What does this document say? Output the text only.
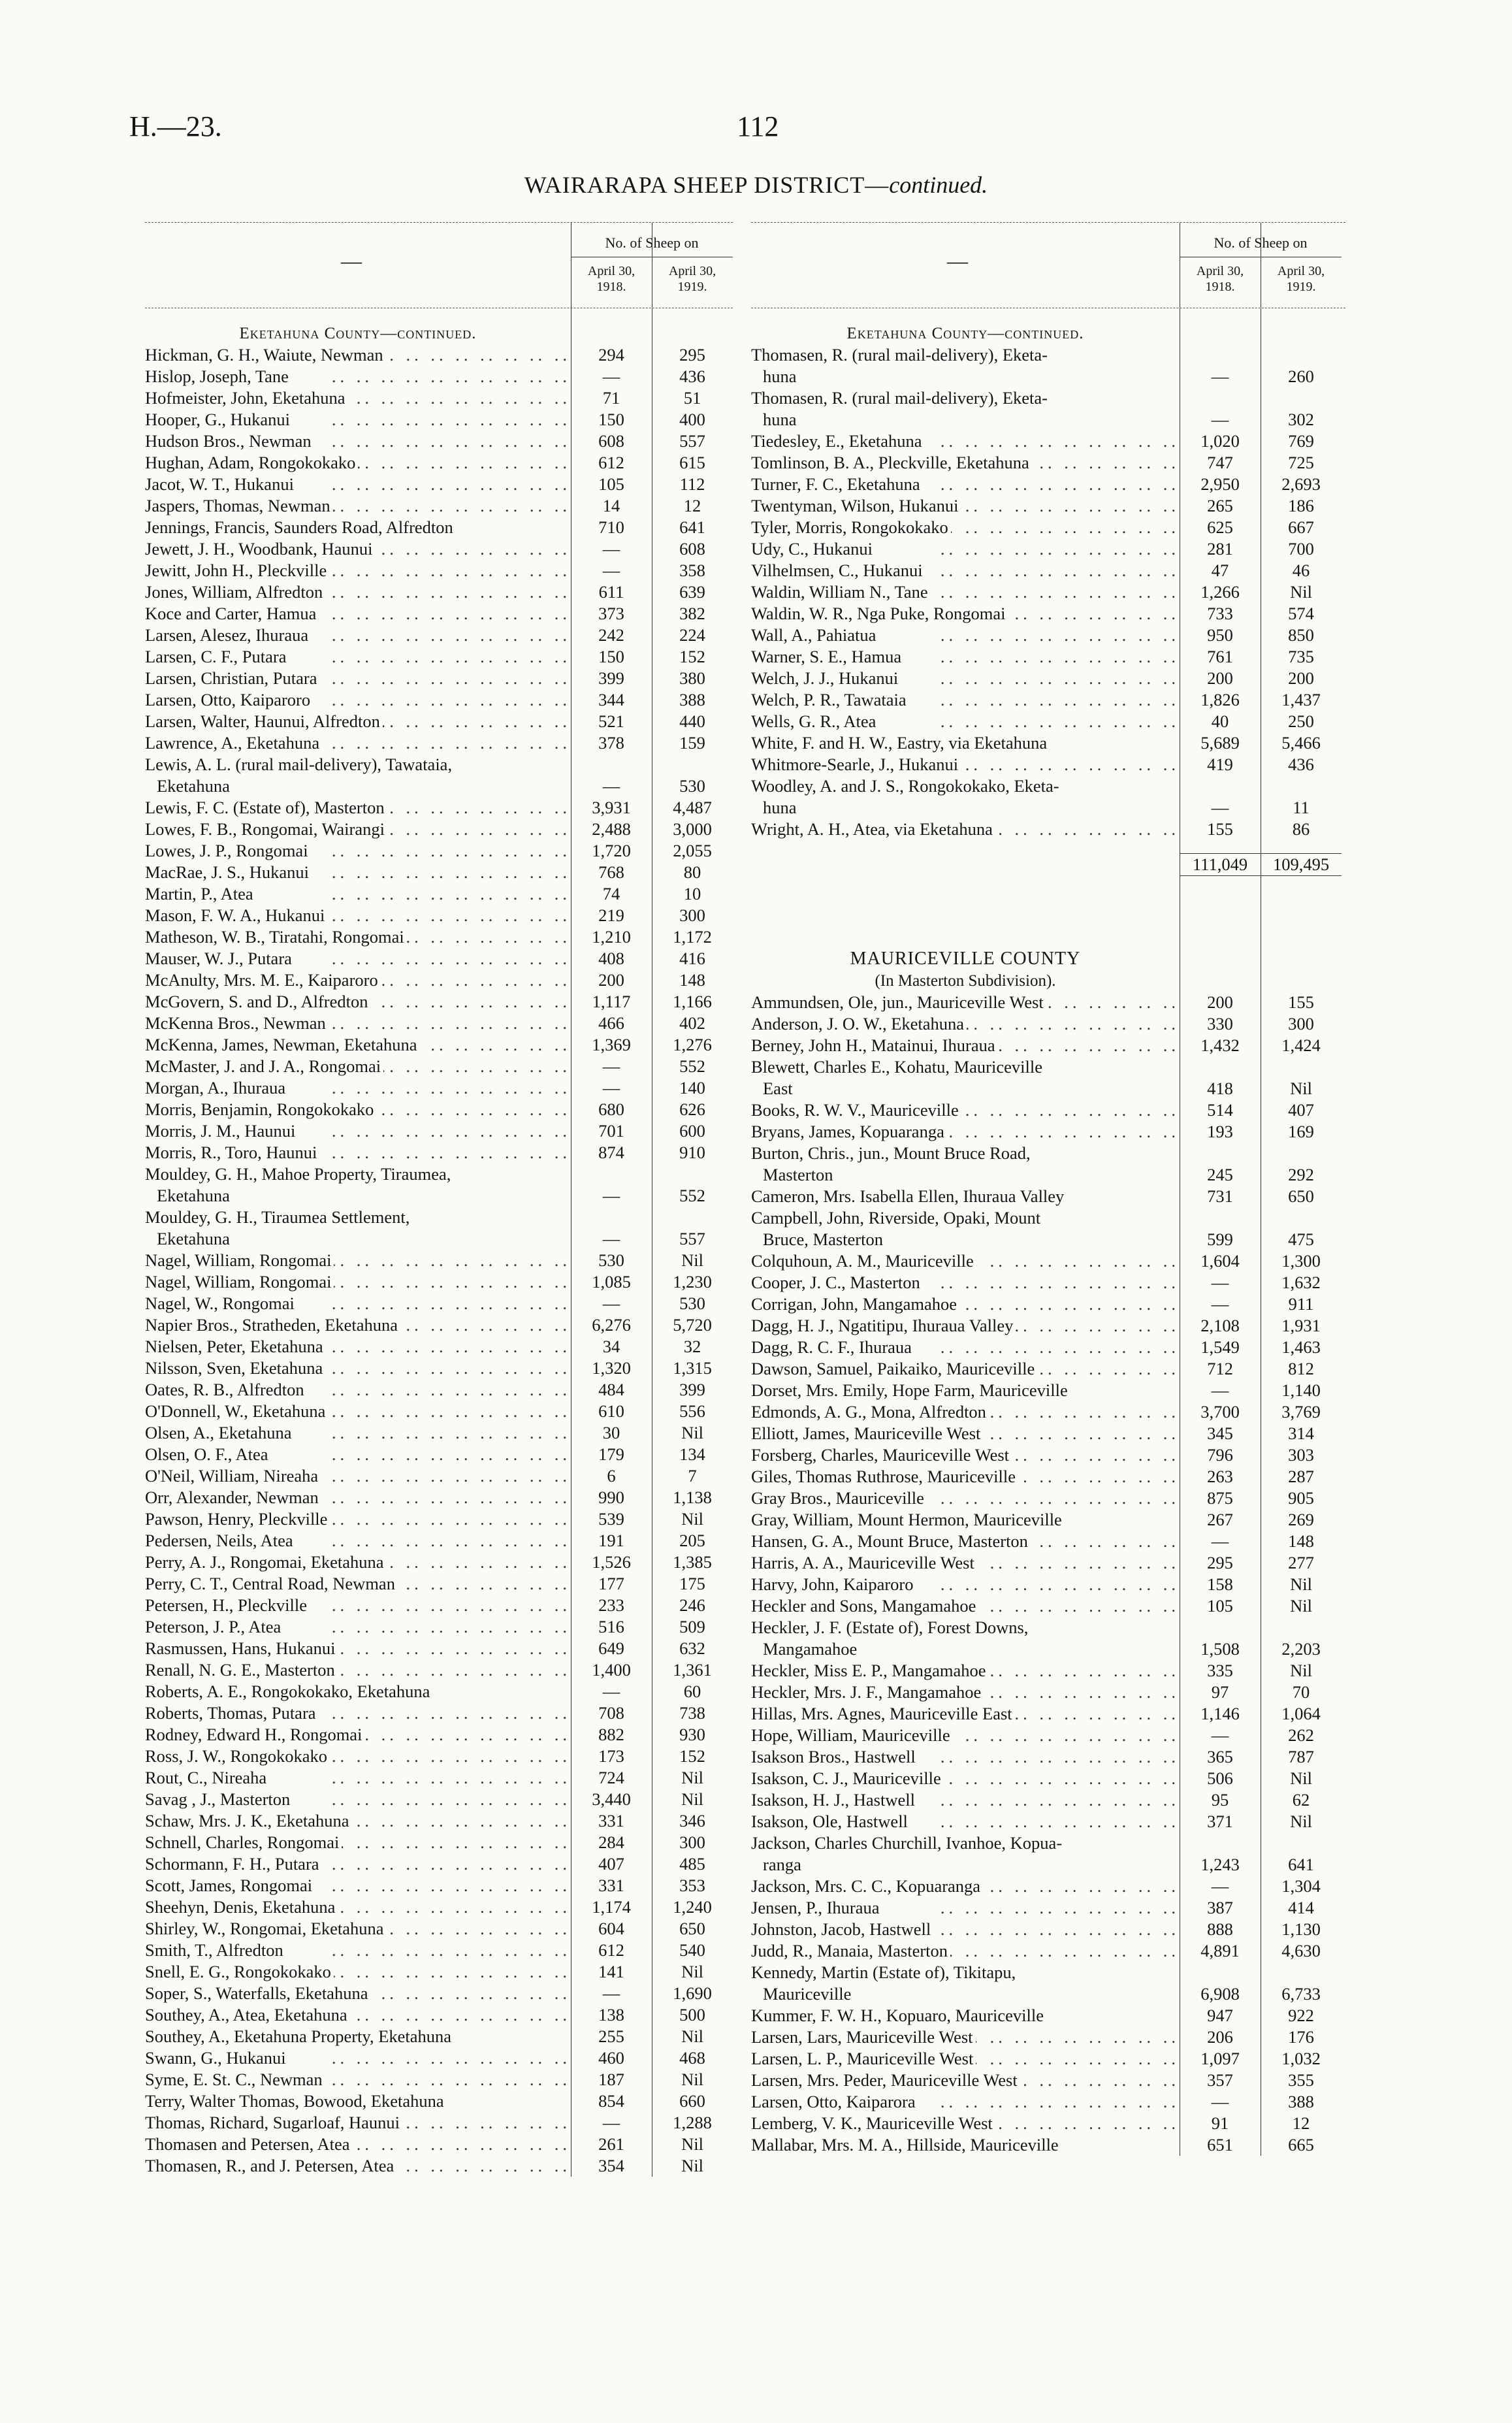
H.—23.	112
WAIRARAPA SHEEP DISTRICT—continued.
—
No. of Sheep on
April 30,
1918.
April 30,
1919.
Eketahuna County—continued.
Hickman, G. H., Waiute, Newman ..	294	295
Hislop, Joseph, Tane ..	—	436
Hofmeister, John, Eketahuna ..	71	51
Hooper, G., Hukanui ..	150	400
Hudson Bros., Newman ..	608	557
Hughan, Adam, Rongokokako ..	612	615
Jacot, W. T., Hukanui ..	105	112
Jaspers, Thomas, Newman ..	14	12
Jennings, Francis, Saunders Road, Alfredton	710	641
Jewett, J. H., Woodbank, Haunui ..	—	608
Jewitt, John H., Pleckville ..	—	358
Jones, William, Alfredton ..	611	639
Koce and Carter, Hamua ..	373	382
Larsen, Alesez, Ihuraua ..	242	224
Larsen, C. F., Putara ..	150	152
Larsen, Christian, Putara ..	399	380
Larsen, Otto, Kaiparoro ..	344	388
Larsen, Walter, Haunui, Alfredton ..	521	440
Lawrence, A., Eketahuna ..	378	159
Lewis, A. L. (rural mail-delivery), Tawataia,
Eketahuna	—	530
Lewis, F. C. (Estate of), Masterton ..	3,931	4,487
Lowes, F. B., Rongomai, Wairangi ..	2,488	3,000
Lowes, J. P., Rongomai ..	1,720	2,055
MacRae, J. S., Hukanui ..	768	80
Martin, P., Atea ..	74	10
Mason, F. W. A., Hukanui ..	219	300
Matheson, W. B., Tiratahi, Rongomai ..	1,210	1,172
Mauser, W. J., Putara ..	408	416
McAnulty, Mrs. M. E., Kaiparoro ..	200	148
McGovern, S. and D., Alfredton ..	1,117	1,166
McKenna Bros., Newman ..	466	402
McKenna, James, Newman, Eketahuna ..	1,369	1,276
McMaster, J. and J. A., Rongomai ..	—	552
Morgan, A., Ihuraua ..	—	140
Morris, Benjamin, Rongokokako ..	680	626
Morris, J. M., Haunui ..	701	600
Morris, R., Toro, Haunui ..	874	910
Mouldey, G. H., Mahoe Property, Tiraumea,
Eketahuna	—	552
Mouldey, G. H., Tiraumea Settlement,
Eketahuna	—	557
Nagel, William, Rongomai ..	530	Nil
Nagel, William, Rongomai ..	1,085	1,230
Nagel, W., Rongomai ..	—	530
Napier Bros., Stratheden, Eketahuna ..	6,276	5,720
Nielsen, Peter, Eketahuna ..	34	32
Nilsson, Sven, Eketahuna ..	1,320	1,315
Oates, R. B., Alfredton ..	484	399
O'Donnell, W., Eketahuna ..	610	556
Olsen, A., Eketahuna ..	30	Nil
Olsen, O. F., Atea ..	179	134
O'Neil, William, Nireaha ..	6	7
Orr, Alexander, Newman ..	990	1,138
Pawson, Henry, Pleckville ..	539	Nil
Pedersen, Neils, Atea ..	191	205
Perry, A. J., Rongomai, Eketahuna ..	1,526	1,385
Perry, C. T., Central Road, Newman ..	177	175
Petersen, H., Pleckville ..	233	246
Peterson, J. P., Atea ..	516	509
Rasmussen, Hans, Hukanui ..	649	632
Renall, N. G. E., Masterton ..	1,400	1,361
Roberts, A. E., Rongokokako, Eketahuna	—	60
Roberts, Thomas, Putara ..	708	738
Rodney, Edward H., Rongomai ..	882	930
Ross, J. W., Rongokokako ..	173	152
Rout, C., Nireaha ..	724	Nil
Savag , J., Masterton ..	3,440	Nil
Schaw, Mrs. J. K., Eketahuna ..	331	346
Schnell, Charles, Rongomai ..	284	300
Schormann, F. H., Putara ..	407	485
Scott, James, Rongomai ..	331	353
Sheehyn, Denis, Eketahuna ..	1,174	1,240
Shirley, W., Rongomai, Eketahuna ..	604	650
Smith, T., Alfredton ..	612	540
Snell, E. G., Rongokokako ..	141	Nil
Soper, S., Waterfalls, Eketahuna ..	—	1,690
Southey, A., Atea, Eketahuna ..	138	500
Southey, A., Eketahuna Property, Eketahuna	255	Nil
Swann, G., Hukanui ..	460	468
Syme, E. St. C., Newman ..	187	Nil
Terry, Walter Thomas, Bowood, Eketahuna	854	660
Thomas, Richard, Sugarloaf, Haunui ..	—	1,288
Thomasen and Petersen, Atea ..	261	Nil
Thomasen, R., and J. Petersen, Atea ..	354	Nil
—
No. of Sheep on
April 30,
1918.
April 30,
1919.
Eketahuna County—continued.
Thomasen, R. (rural mail-delivery), Eketa-
huna	—	260
Thomasen, R. (rural mail-delivery), Eketa-
huna	—	302
Tiedesley, E., Eketahuna ..	1,020	769
Tomlinson, B. A., Pleckville, Eketahuna ..	747	725
Turner, F. C., Eketahuna ..	2,950	2,693
Twentyman, Wilson, Hukanui ..	265	186
Tyler, Morris, Rongokokako ..	625	667
Udy, C., Hukanui ..	281	700
Vilhelmsen, C., Hukanui ..	47	46
Waldin, William N., Tane ..	1,266	Nil
Waldin, W. R., Nga Puke, Rongomai ..	733	574
Wall, A., Pahiatua ..	950	850
Warner, S. E., Hamua ..	761	735
Welch, J. J., Hukanui ..	200	200
Welch, P. R., Tawataia ..	1,826	1,437
Wells, G. R., Atea ..	40	250
White, F. and H. W., Eastry, via Eketahuna	5,689	5,466
Whitmore-Searle, J., Hukanui ..	419	436
Woodley, A. and J. S., Rongokokako, Eketa-
huna	—	11
Wright, A. H., Atea, via Eketahuna ..	155	86

111,049	109,495
MAURICEVILLE COUNTY
(In Masterton Subdivision).
Ammundsen, Ole, jun., Mauriceville West ..	200	155
Anderson, J. O. W., Eketahuna ..	330	300
Berney, John H., Matainui, Ihuraua ..	1,432	1,424
Blewett, Charles E., Kohatu, Mauriceville
East	418	Nil
Books, R. W. V., Mauriceville ..	514	407
Bryans, James, Kopuaranga ..	193	169
Burton, Chris., jun., Mount Bruce Road,
Masterton	245	292
Cameron, Mrs. Isabella Ellen, Ihuraua Valley	731	650
Campbell, John, Riverside, Opaki, Mount
Bruce, Masterton	599	475
Colquhoun, A. M., Mauriceville ..	1,604	1,300
Cooper, J. C., Masterton ..	—	1,632
Corrigan, John, Mangamahoe ..	—	911
Dagg, H. J., Ngatitipu, Ihuraua Valley ..	2,108	1,931
Dagg, R. C. F., Ihuraua ..	1,549	1,463
Dawson, Samuel, Paikaiko, Mauriceville ..	712	812
Dorset, Mrs. Emily, Hope Farm, Mauriceville	—	1,140
Edmonds, A. G., Mona, Alfredton ..	3,700	3,769
Elliott, James, Mauriceville West ..	345	314
Forsberg, Charles, Mauriceville West ..	796	303
Giles, Thomas Ruthrose, Mauriceville ..	263	287
Gray Bros., Mauriceville ..	875	905
Gray, William, Mount Hermon, Mauriceville	267	269
Hansen, G. A., Mount Bruce, Masterton ..	—	148
Harris, A. A., Mauriceville West ..	295	277
Harvy, John, Kaiparoro ..	158	Nil
Heckler and Sons, Mangamahoe ..	105	Nil
Heckler, J. F. (Estate of), Forest Downs,
Mangamahoe	1,508	2,203
Heckler, Miss E. P., Mangamahoe ..	335	Nil
Heckler, Mrs. J. F., Mangamahoe ..	97	70
Hillas, Mrs. Agnes, Mauriceville East ..	1,146	1,064
Hope, William, Mauriceville ..	—	262
Isakson Bros., Hastwell ..	365	787
Isakson, C. J., Mauriceville ..	506	Nil
Isakson, H. J., Hastwell ..	95	62
Isakson, Ole, Hastwell ..	371	Nil
Jackson, Charles Churchill, Ivanhoe, Kopua-
ranga	1,243	641
Jackson, Mrs. C. C., Kopuaranga ..	—	1,304
Jensen, P., Ihuraua ..	387	414
Johnston, Jacob, Hastwell ..	888	1,130
Judd, R., Manaia, Masterton ..	4,891	4,630
Kennedy, Martin (Estate of), Tikitapu,
Mauriceville	6,908	6,733
Kummer, F. W. H., Kopuaro, Mauriceville	947	922
Larsen, Lars, Mauriceville West ..	206	176
Larsen, L. P., Mauriceville West ..	1,097	1,032
Larsen, Mrs. Peder, Mauriceville West ..	357	355
Larsen, Otto, Kaiparora ..	—	388
Lemberg, V. K., Mauriceville West ..	91	12
Mallabar, Mrs. M. A., Hillside, Mauriceville	651	665
